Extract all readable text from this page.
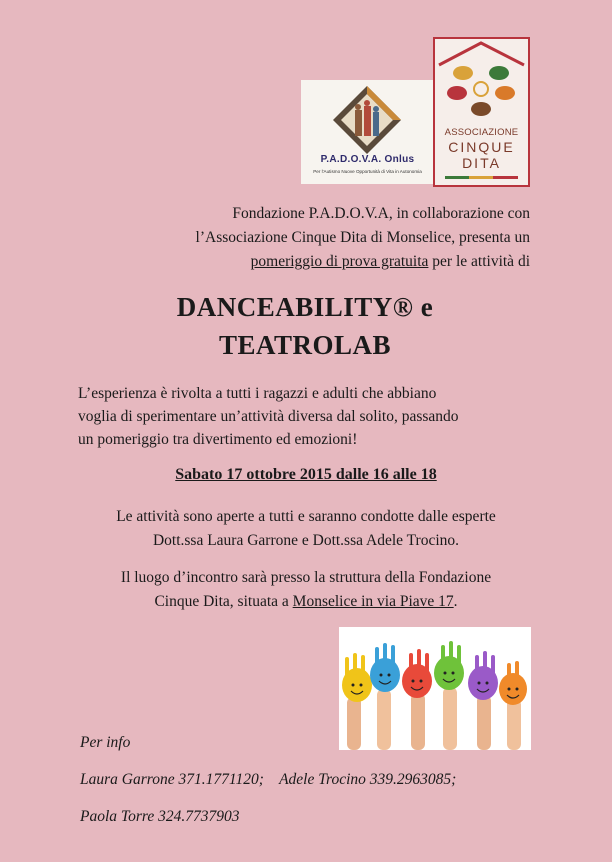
P.A.D.O.V.A. Onlus
Per l'Autismo Nuove Opportunità di Vita in Autonomia
ASSOCIAZIONE
CINQUE
DITA
Fondazione P.A.D.O.V.A, in collaborazione con
l’Associazione Cinque Dita di Monselice, presenta un
pomeriggio di prova gratuita per le attività di
DANCEABILITY® e
TEATROLAB
L’esperienza è rivolta a tutti i ragazzi e adulti che abbiano
voglia di sperimentare un’attività diversa dal solito, passando
un pomeriggio tra divertimento ed emozioni!
Sabato 17 ottobre 2015 dalle 16 alle 18
Le attività sono aperte a tutti e saranno condotte dalle esperte
Dott.ssa Laura Garrone e Dott.ssa Adele Trocino.
Il luogo d’incontro sarà presso la struttura della Fondazione
Cinque Dita, situata a Monselice in via Piave 17.
Per info
Laura Garrone 371.1771120;    Adele Trocino 339.2963085;
Paola Torre 324.7737903
